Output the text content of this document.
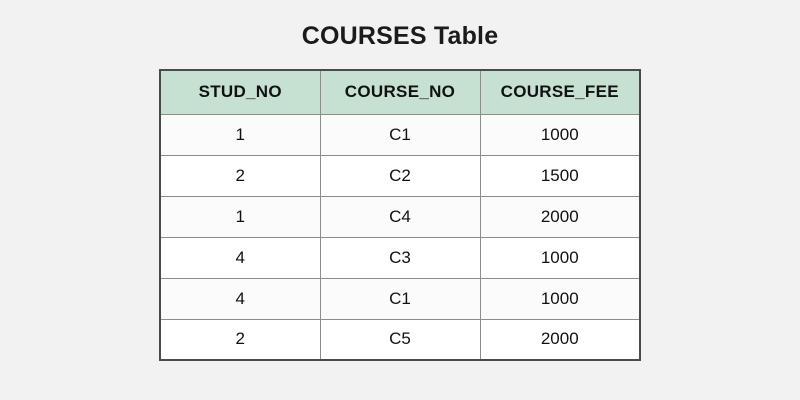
COURSES Table
STUD_NO	COURSE_NO	COURSE_FEE
1	C1	1000
2	C2	1500
1	C4	2000
4	C3	1000
4	C1	1000
2	C5	2000
